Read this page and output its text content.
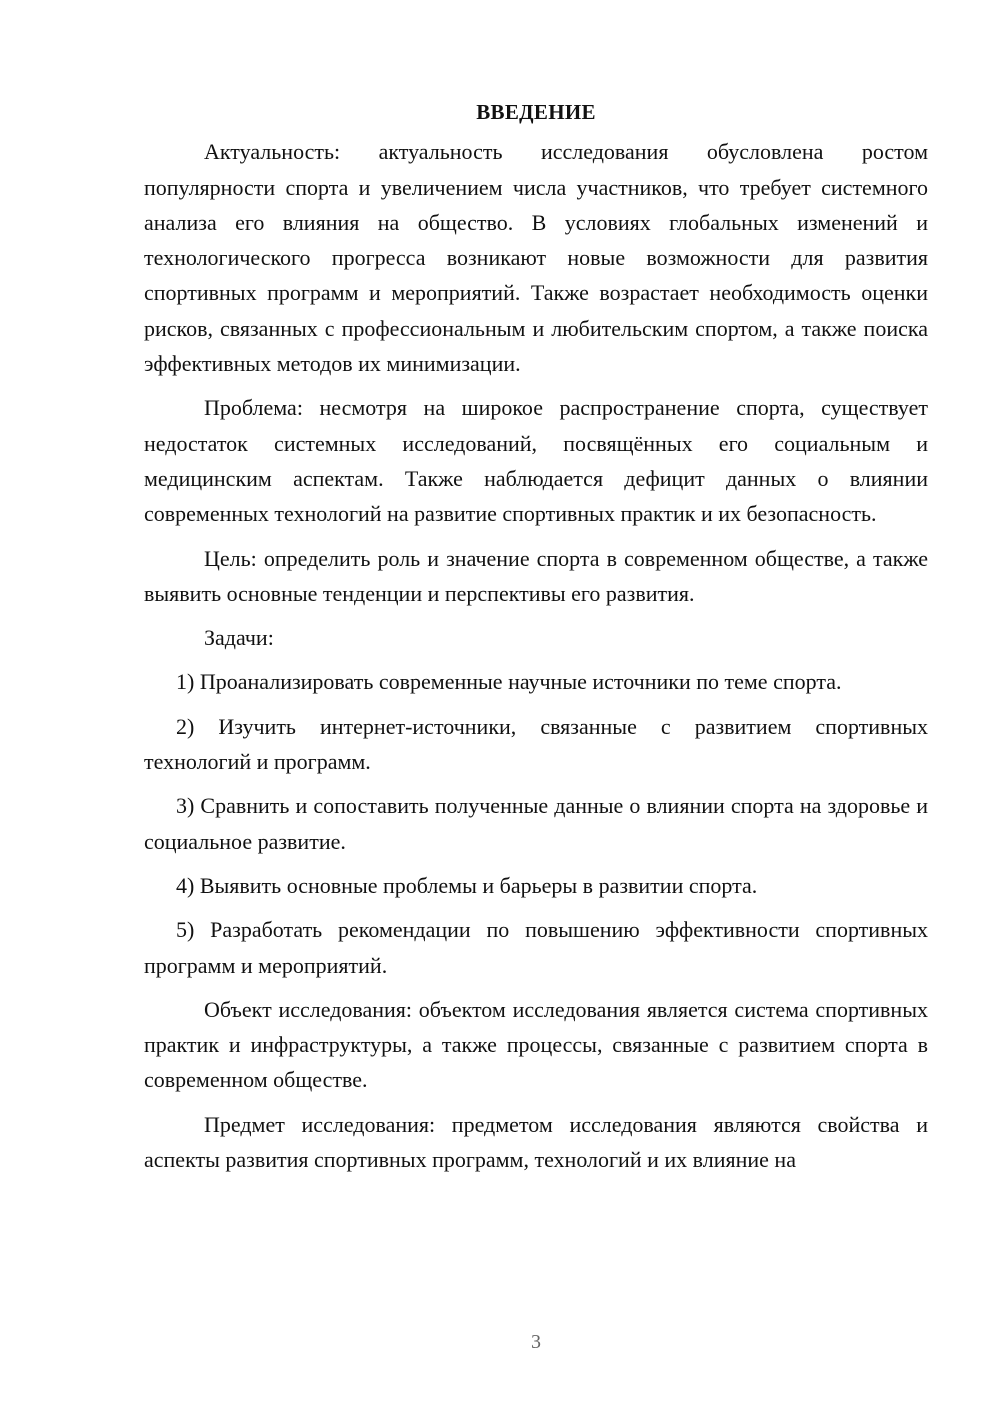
ВВЕДЕНИЕ

Актуальность: актуальность исследования обусловлена ростом популярности спорта и увеличением числа участников, что требует системного анализа его влияния на общество. В условиях глобальных изменений и технологического прогресса возникают новые возможности для развития спортивных программ и мероприятий. Также возрастает необходимость оценки рисков, связанных с профессиональным и любительским спортом, а также поиска эффективных методов их минимизации.

Проблема: несмотря на широкое распространение спорта, существует недостаток системных исследований, посвящённых его социальным и медицинским аспектам. Также наблюдается дефицит данных о влиянии современных технологий на развитие спортивных практик и их безопасность.

Цель: определить роль и значение спорта в современном обществе, а также выявить основные тенденции и перспективы его развития.

Задачи:

1) Проанализировать современные научные источники по теме спорта.

2) Изучить интернет-источники, связанные с развитием спортивных технологий и программ.

3) Сравнить и сопоставить полученные данные о влиянии спорта на здоровье и социальное развитие.

4) Выявить основные проблемы и барьеры в развитии спорта.

5) Разработать рекомендации по повышению эффективности спортивных программ и мероприятий.

Объект исследования: объектом исследования является система спортивных практик и инфраструктуры, а также процессы, связанные с развитием спорта в современном обществе.

Предмет исследования: предметом исследования являются свойства и аспекты развития спортивных программ, технологий и их влияние на

3
